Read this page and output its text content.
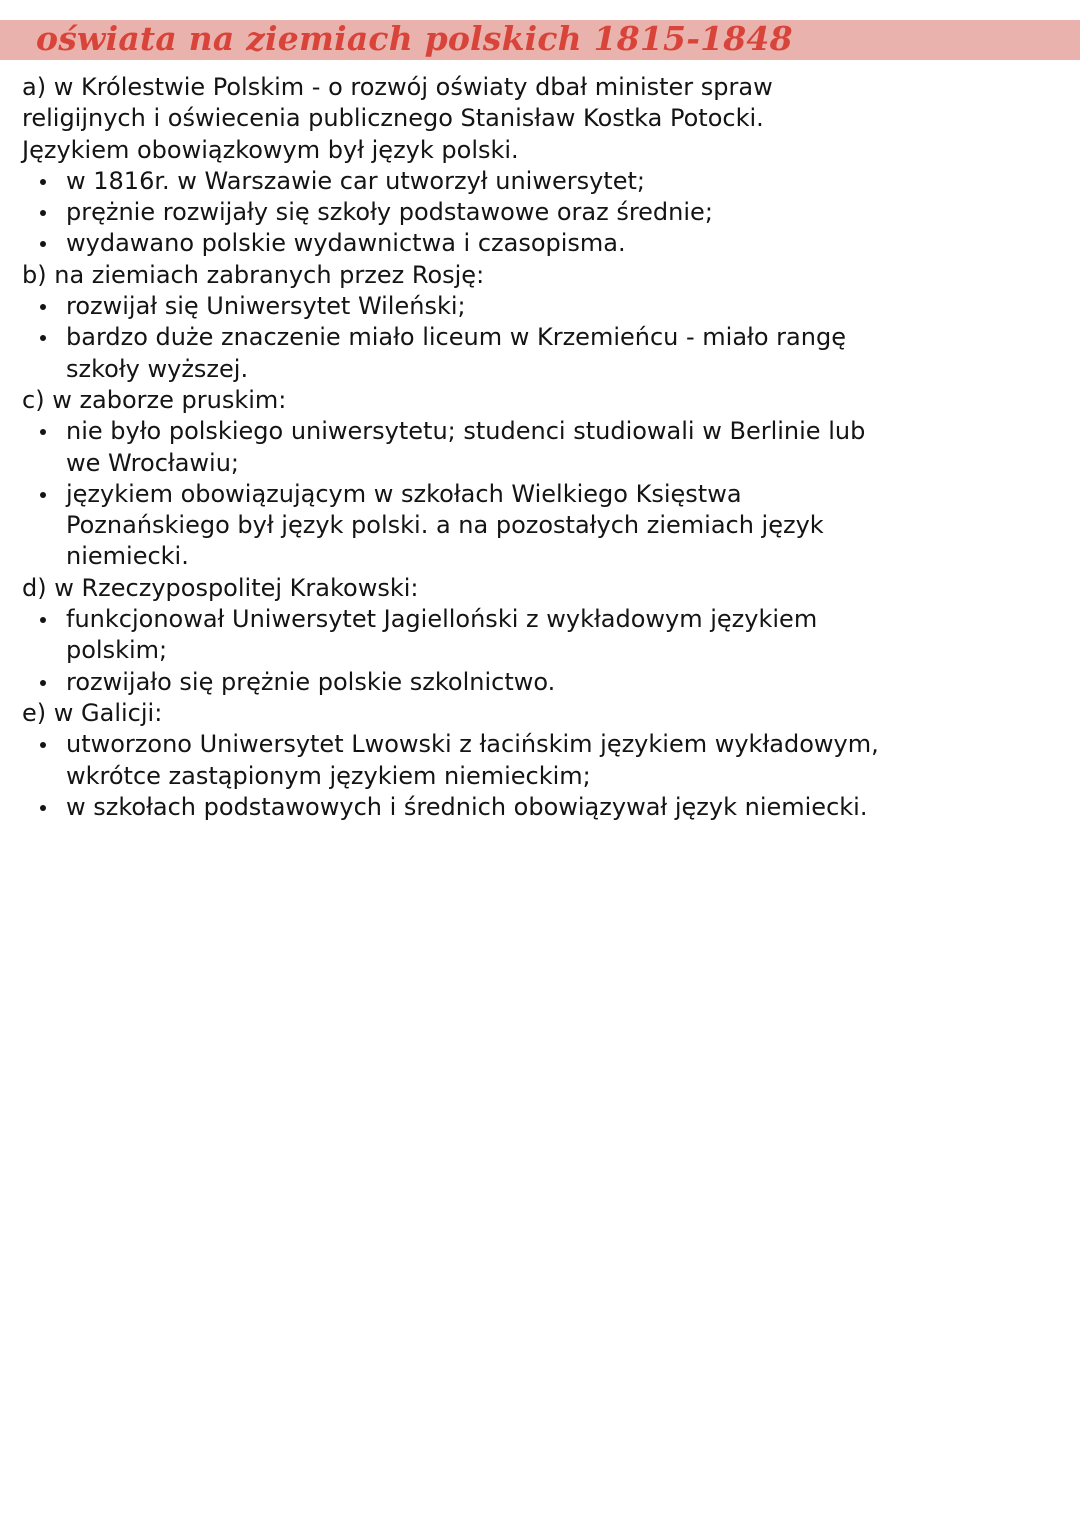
oświata na ziemiach polskich 1815-1848

a) w Królestwie Polskim - o rozwój oświaty dbał minister spraw

religijnych i oświecenia publicznego Stanisław Kostka Potocki.

Językiem obowiązkowym był język polski.

w 1816r. w Warszawie car utworzył uniwersytet;
prężnie rozwijały się szkoły podstawowe oraz średnie;
wydawano polskie wydawnictwa i czasopisma.

b) na ziemiach zabranych przez Rosję:

rozwijał się Uniwersytet Wileński;
bardzo duże znaczenie miało liceum w Krzemieńcu - miało rangę
szkoły wyższej.

c) w zaborze pruskim:

nie było polskiego uniwersytetu; studenci studiowali w Berlinie lub
we Wrocławiu;
językiem obowiązującym w szkołach Wielkiego Księstwa
Poznańskiego był język polski. a na pozostałych ziemiach język
niemiecki.

d) w Rzeczypospolitej Krakowski:

funkcjonował Uniwersytet Jagielloński z wykładowym językiem
polskim;
rozwijało się prężnie polskie szkolnictwo.

e) w Galicji:

utworzono Uniwersytet Lwowski z łacińskim językiem wykładowym,
wkrótce zastąpionym językiem niemieckim;
w szkołach podstawowych i średnich obowiązywał język niemiecki.
